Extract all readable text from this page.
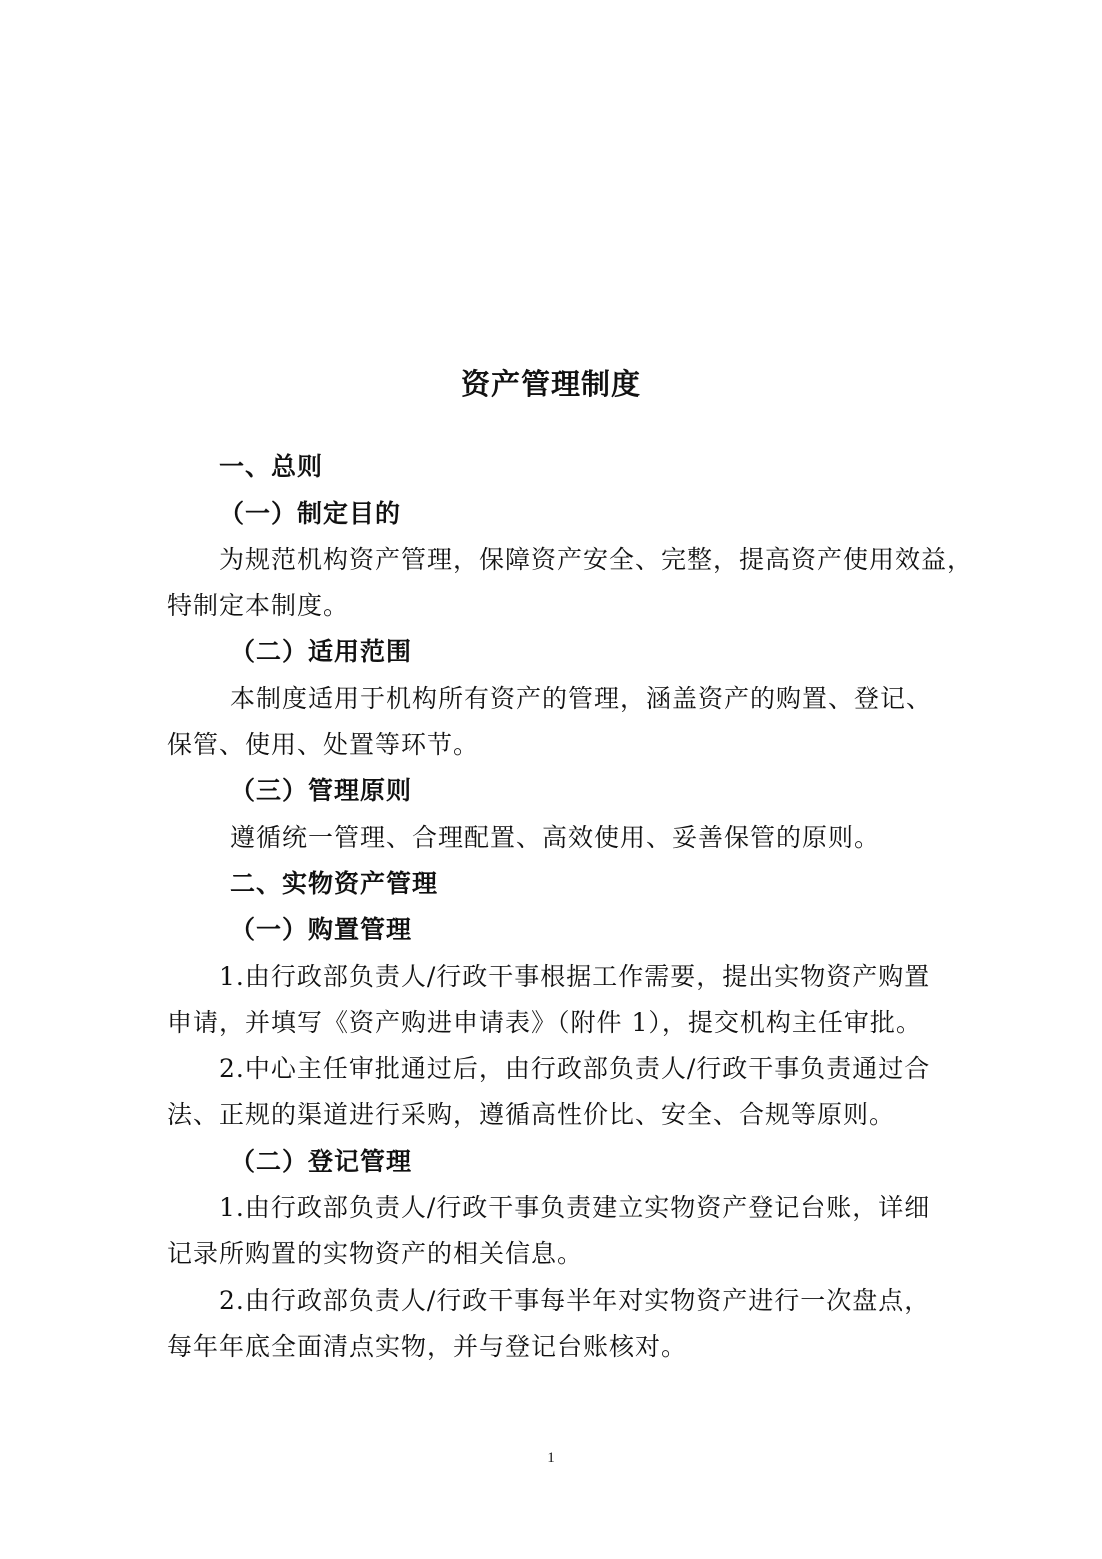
资产管理制度

一、总则

（一）制定目的

为规范机构资产管理，保障资产安全、完整，提高资产使用效益，

特制定本制度。

（二）适用范围

本制度适用于机构所有资产的管理，涵盖资产的购置、登记、

保管、使用、处置等环节。

（三）管理原则

遵循统一管理、合理配置、高效使用、妥善保管的原则。

二、实物资产管理

（一）购置管理

1.由行政部负责人/行政干事根据工作需要，提出实物资产购置

申请，并填写《资产购进申请表》（附件 1），提交机构主任审批。

2.中心主任审批通过后，由行政部负责人/行政干事负责通过合

法、正规的渠道进行采购，遵循高性价比、安全、合规等原则。

（二）登记管理

1.由行政部负责人/行政干事负责建立实物资产登记台账，详细

记录所购置的实物资产的相关信息。

2.由行政部负责人/行政干事每半年对实物资产进行一次盘点，

每年年底全面清点实物，并与登记台账核对。

1
